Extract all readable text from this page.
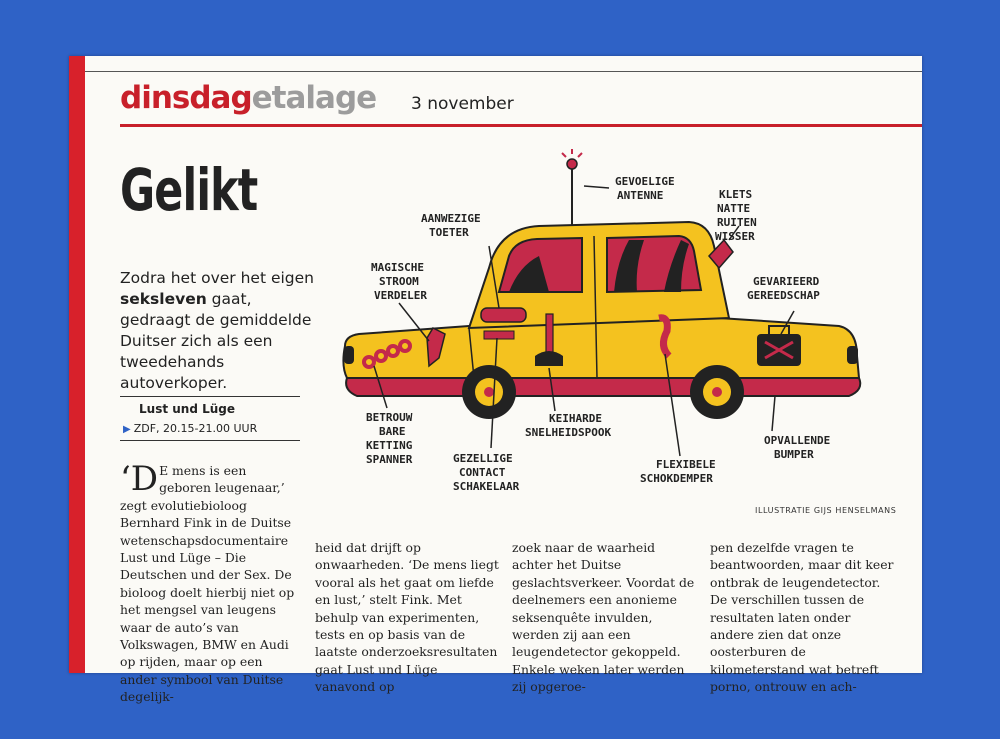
dinsdagetalage 3 november
Gelikt
Zodra het over het eigen seksleven gaat, gedraagt de gemiddelde Duitser zich als een tweedehands autoverkoper.
Lust und Lüge
▶ ZDF, 20.15-21.00 UUR
‘D E mens is een geboren leugenaar,’ zegt evolutiebioloog Bernhard Fink in de Duitse wetenschapsdocumentaire Lust und Lüge – Die Deutschen und der Sex. De bioloog doelt hierbij niet op het mengsel van leugens waar de auto’s van Volkswagen, BMW en Audi op rijden, maar op een ander symbool van Duitse degelijk-
heid dat drijft op onwaarheden. ‘De mens liegt vooral als het gaat om liefde en lust,’ stelt Fink. Met behulp van experimenten, tests en op basis van de laatste onderzoeksresultaten gaat Lust und Lüge vanavond op
zoek naar de waarheid achter het Duitse geslachtsverkeer. Voordat de deelnemers een anonieme seksenquête invulden, werden zij aan een leugendetector gekoppeld. Enkele weken later werden zij opgeroe-
pen dezelfde vragen te beantwoorden, maar dit keer ontbrak de leugendetector. De verschillen tussen de resultaten laten onder andere zien dat onze oosterburen de kilometerstand wat betreft porno, ontrouw en ach-
ILLUSTRATIE GIJS HENSELMANS
GEVOELIGE ANTENNE	KLETS NATTE RUITEN WISSER
AANWEZIGE TOETER
MAGISCHE STROOM VERDELER
GEVARIEERD GEREEDSCHAP
BETROUW BARE KETTING SPANNER
KEIHARDE SNELHEIDSPOOK
OPVALLENDE BUMPER
GEZELLIGE CONTACT SCHAKELAAR
FLEXIBELE SCHOKDEMPER
